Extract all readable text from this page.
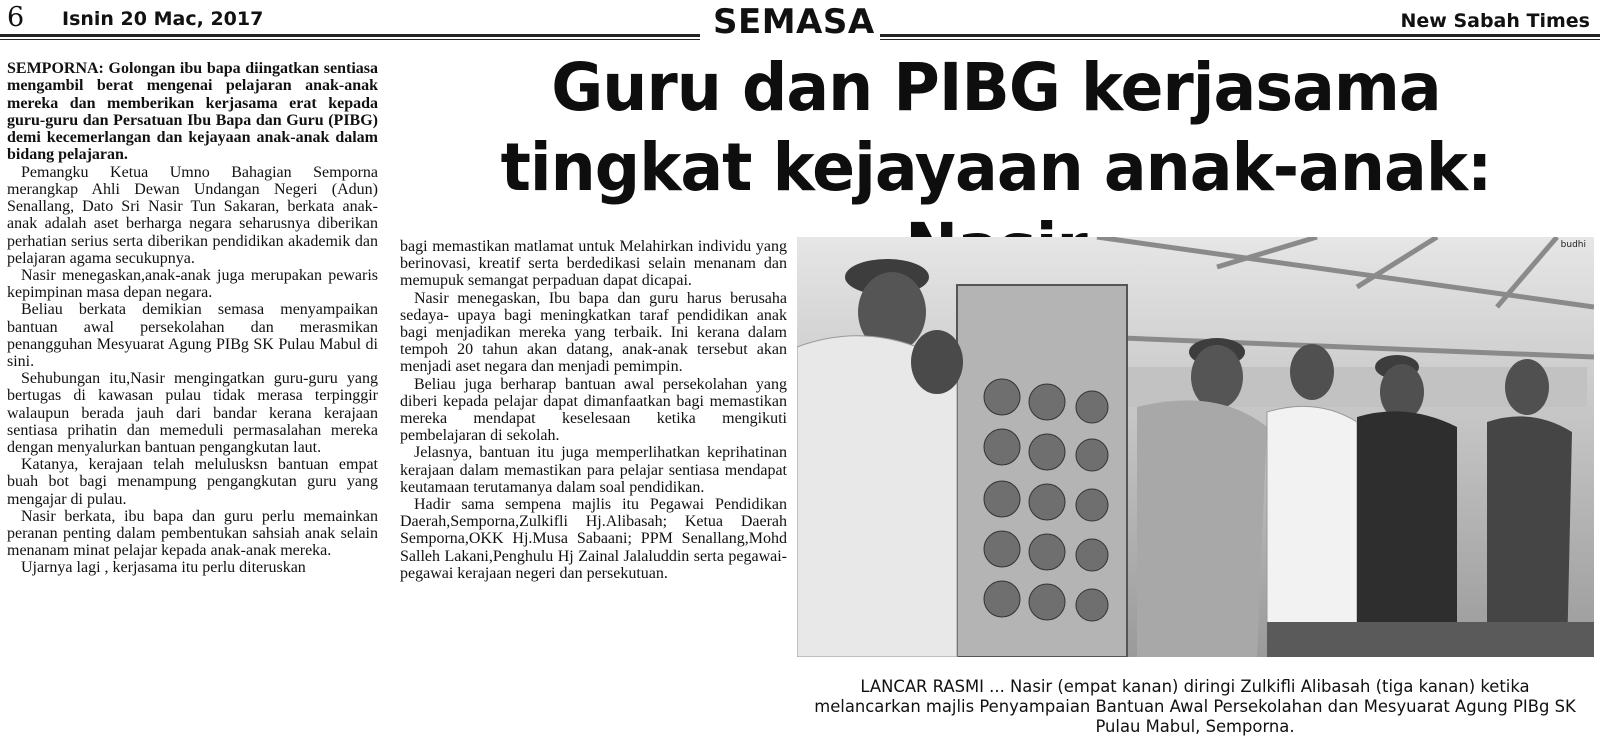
6 Isnin 20 Mac, 2017	SEMASA	New Sabah Times

SEMPORNA: Golongan ibu bapa diingatkan sentiasa mengambil berat mengenai pelajaran anak-anak mereka dan memberikan kerjasama erat kepada guru-guru dan Persatuan Ibu Bapa dan Guru (PIBG) demi kecemerlangan dan kejayaan anak-anak dalam bidang pelajaran.

Pemangku Ketua Umno Bahagian Semporna merangkap Ahli Dewan Undangan Negeri (Adun) Senallang, Dato Sri Nasir Tun Sakaran, berkata anak-anak adalah aset berharga negara seharusnya diberikan perhatian serius serta diberikan pendidikan akademik dan pelajaran agama secukupnya.

Nasir menegaskan,anak-anak juga merupakan pewaris kepimpinan masa depan negara.

Beliau berkata demikian semasa menyampaikan bantuan awal persekolahan dan merasmikan penangguhan Mesyuarat Agung PIBg SK Pulau Mabul di sini.

Sehubungan itu,Nasir mengingatkan guru-guru yang bertugas di kawasan pulau tidak merasa terpinggir walaupun berada jauh dari bandar kerana kerajaan sentiasa prihatin dan memeduli permasalahan mereka dengan menyalurkan bantuan pengangkutan laut.

Katanya, kerajaan telah melulusksn bantuan empat buah bot bagi menampung pengangkutan guru yang mengajar di pulau.

Nasir berkata, ibu bapa dan guru perlu memainkan peranan penting dalam pembentukan sahsiah anak selain menanam minat pelajar kepada anak-anak mereka.

Ujarnya lagi , kerjasama itu perlu diteruskan

Guru dan PIBG kerjasama tingkat kejayaan anak-anak:

bagi memastikan matlamat untuk Melahirkan individu yang berinovasi, kreatif serta berdedikasi selain menanam dan memupuk semangat perpaduan dapat dicapai.

Nasir menegaskan, Ibu bapa dan guru harus berusaha sedaya- upaya bagi meningkatkan taraf pendidikan anak bagi menjadikan mereka yang terbaik. Ini kerana dalam tempoh 20 tahun akan datang, anak-anak tersebut akan menjadi aset negara dan menjadi pemimpin.

Beliau juga berharap bantuan awal persekolahan yang diberi kepada pelajar dapat dimanfaatkan bagi memastikan mereka mendapat keselesaan ketika mengikuti pembelajaran di sekolah.

Jelasnya, bantuan itu juga memperlihatkan keprihatinan kerajaan dalam memastikan para pelajar sentiasa mendapat keutamaan terutamanya dalam soal pendidikan.

Hadir sama sempena majlis itu Pegawai Pendidikan Daerah,Semporna,Zulkifli Hj.Alibasah; Ketua Daerah Semporna,OKK Hj.Musa Sabaani; PPM Senallang,Mohd Salleh Lakani,Penghulu Hj Zainal Jalaluddin serta pegawai-pegawai kerajaan negeri dan persekutuan.

budhi

LANCAR RASMI ... Nasir (empat kanan) diringi Zulkifli Alibasah (tiga kanan) ketika melancarkan majlis Penyampaian Bantuan Awal Persekolahan dan Mesyuarat Agung PIBg SK Pulau Mabul, Semporna.
